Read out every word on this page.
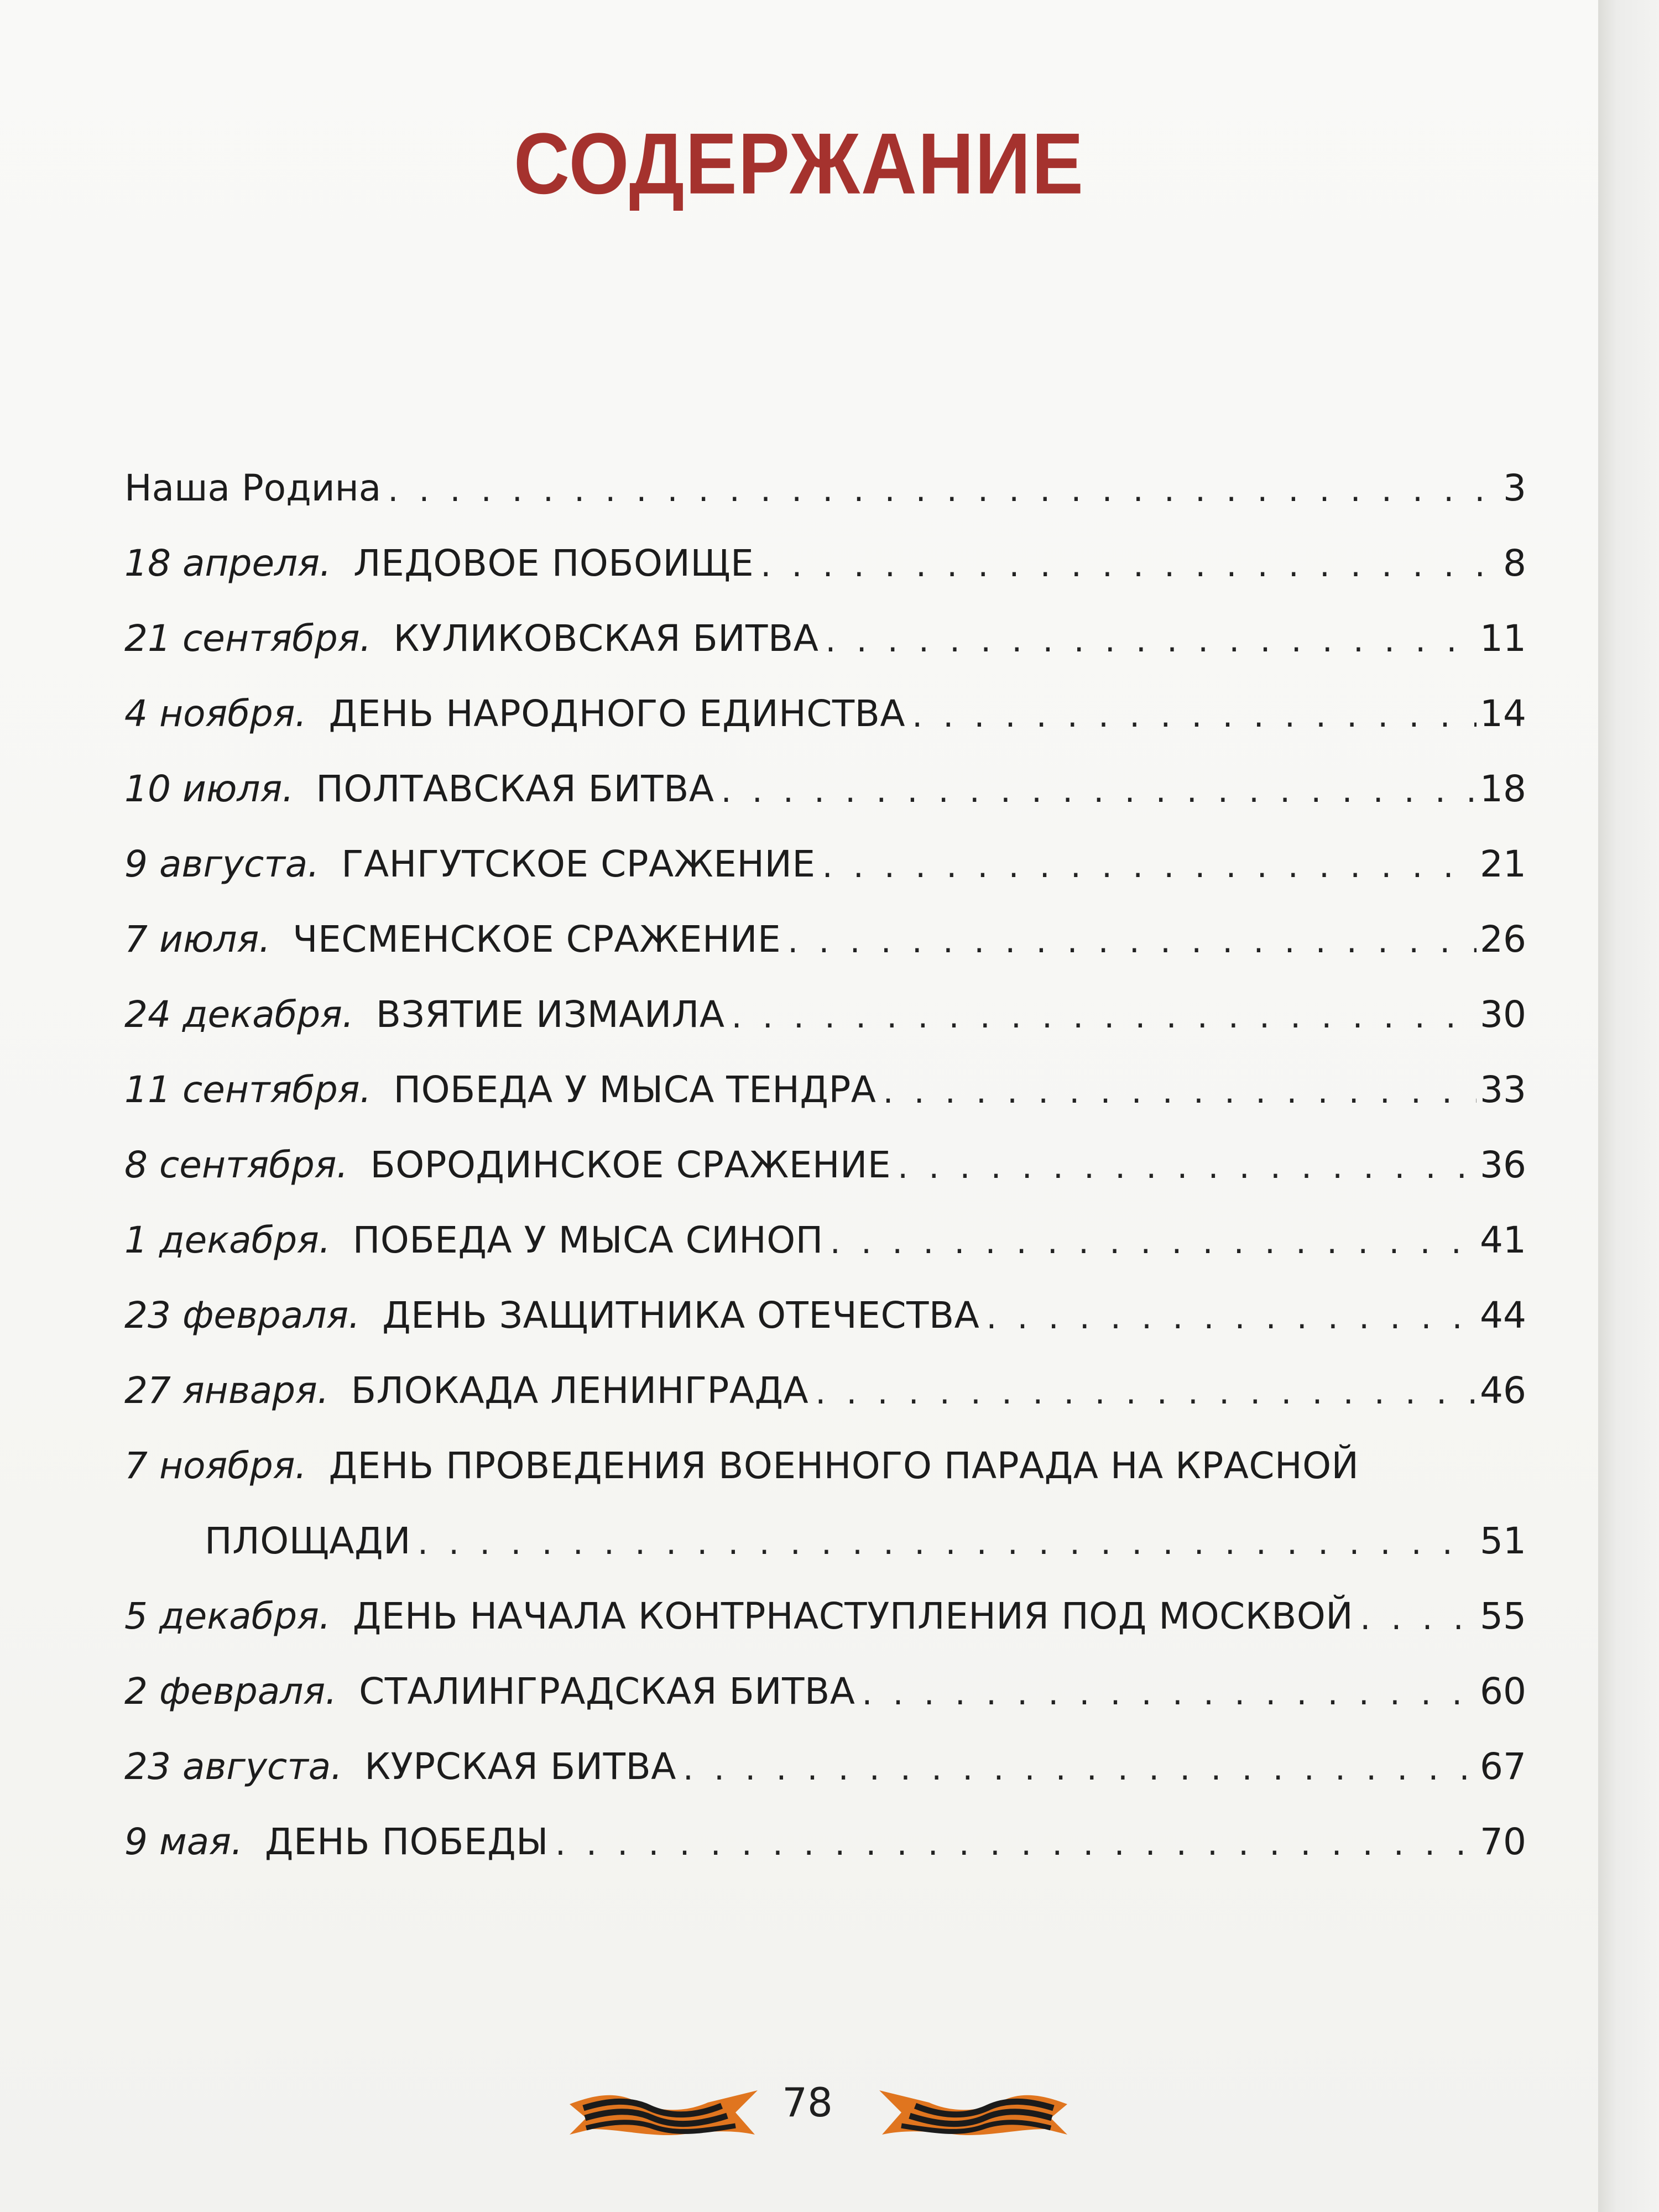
СОДЕРЖАНИЕ
Наша Родина . . .	3
18 апреля. ЛЕДОВОЕ ПОБОИЩЕ . . .	8
21 сентября. КУЛИКОВСКАЯ БИТВА . . .	11
4 ноября. ДЕНЬ НАРОДНОГО ЕДИНСТВА . . .	14
10 июля. ПОЛТАВСКАЯ БИТВА . . .	18
9 августа. ГАНГУТСКОЕ СРАЖЕНИЕ . . .	21
7 июля. ЧЕСМЕНСКОЕ СРАЖЕНИЕ . . .	26
24 декабря. ВЗЯТИЕ ИЗМАИЛА . . .	30
11 сентября. ПОБЕДА У МЫСА ТЕНДРА . . .	33
8 сентября. БОРОДИНСКОЕ СРАЖЕНИЕ . . .	36
1 декабря. ПОБЕДА У МЫСА СИНОП . . .	41
23 февраля. ДЕНЬ ЗАЩИТНИКА ОТЕЧЕСТВА . . .	44
27 января. БЛОКАДА ЛЕНИНГРАДА . . .	46
7 ноября. ДЕНЬ ПРОВЕДЕНИЯ ВОЕННОГО ПАРАДА НА КРАСНОЙ
ПЛОЩАДИ . . .	51
5 декабря. ДЕНЬ НАЧАЛА КОНТРНАСТУПЛЕНИЯ ПОД МОСКВОЙ . . .	55
2 февраля. СТАЛИНГРАДСКАЯ БИТВА . . .	60
23 августа. КУРСКАЯ БИТВА . . .	67
9 мая. ДЕНЬ ПОБЕДЫ . . .	70
78
